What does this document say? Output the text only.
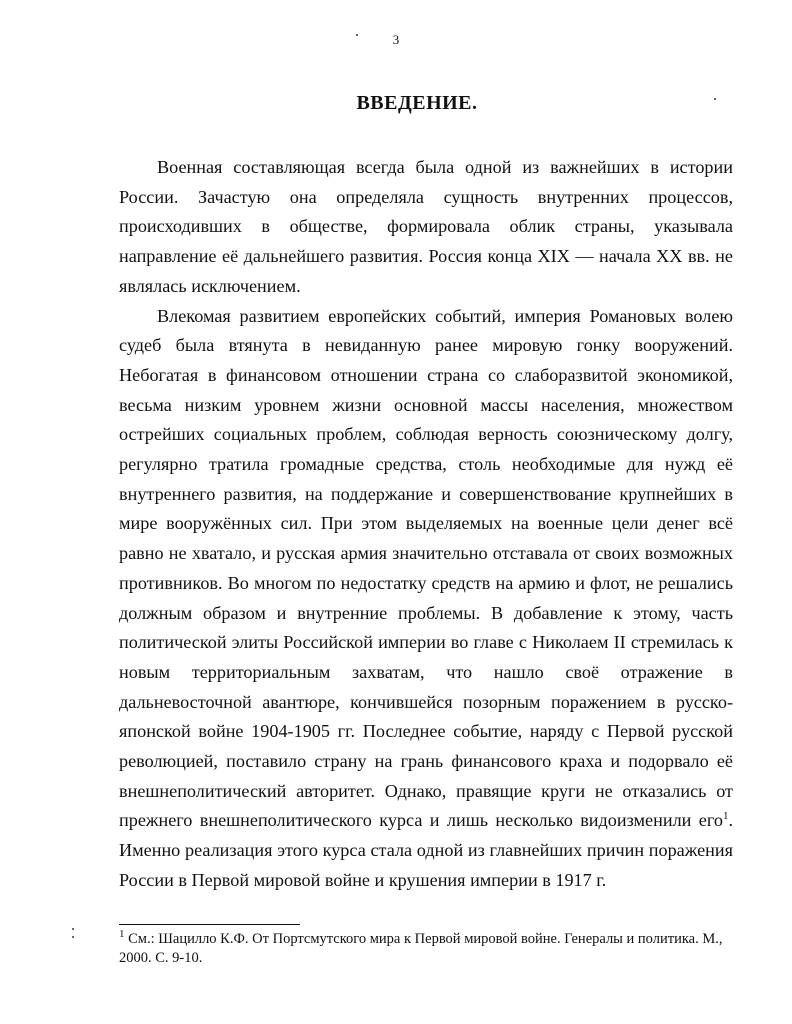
3
ВВЕДЕНИЕ.

Военная составляющая всегда была одной из важнейших в истории России. Зачастую она определяла сущность внутренних процессов, происходивших в обществе, формировала облик страны, указывала направление её дальнейшего развития. Россия конца XIX — начала XX вв. не являлась исключением.

Влекомая развитием европейских событий, империя Романовых волею судеб была втянута в невиданную ранее мировую гонку вооружений. Небогатая в финансовом отношении страна со слаборазвитой экономикой, весьма низким уровнем жизни основной массы населения, множеством острейших социальных проблем, соблюдая верность союзническому долгу, регулярно тратила громадные средства, столь необходимые для нужд её внутреннего развития, на поддержание и совершенствование крупнейших в мире вооружённых сил. При этом выделяемых на военные цели денег всё равно не хватало, и русская армия значительно отставала от своих возможных противников. Во многом по недостатку средств на армию и флот, не решались должным образом и внутренние проблемы. В добавление к этому, часть политической элиты Российской империи во главе с Николаем II стремилась к новым территориальным захватам, что нашло своё отражение в дальневосточной авантюре, кончившейся позорным поражением в русско-японской войне 1904-1905 гг. Последнее событие, наряду с Первой русской революцией, поставило страну на грань финансового краха и подорвало её внешнеполитический авторитет. Однако, правящие круги не отказались от прежнего внешнеполитического курса и лишь несколько видоизменили его$^1$. Именно реализация этого курса стала одной из главнейших причин поражения России в Первой мировой войне и крушения империи в 1917 г.

$^1$ См.: Шацилло К.Ф. От Портсмутского мира к Первой мировой войне. Генералы и политика. М., 2000. С. 9-10.
